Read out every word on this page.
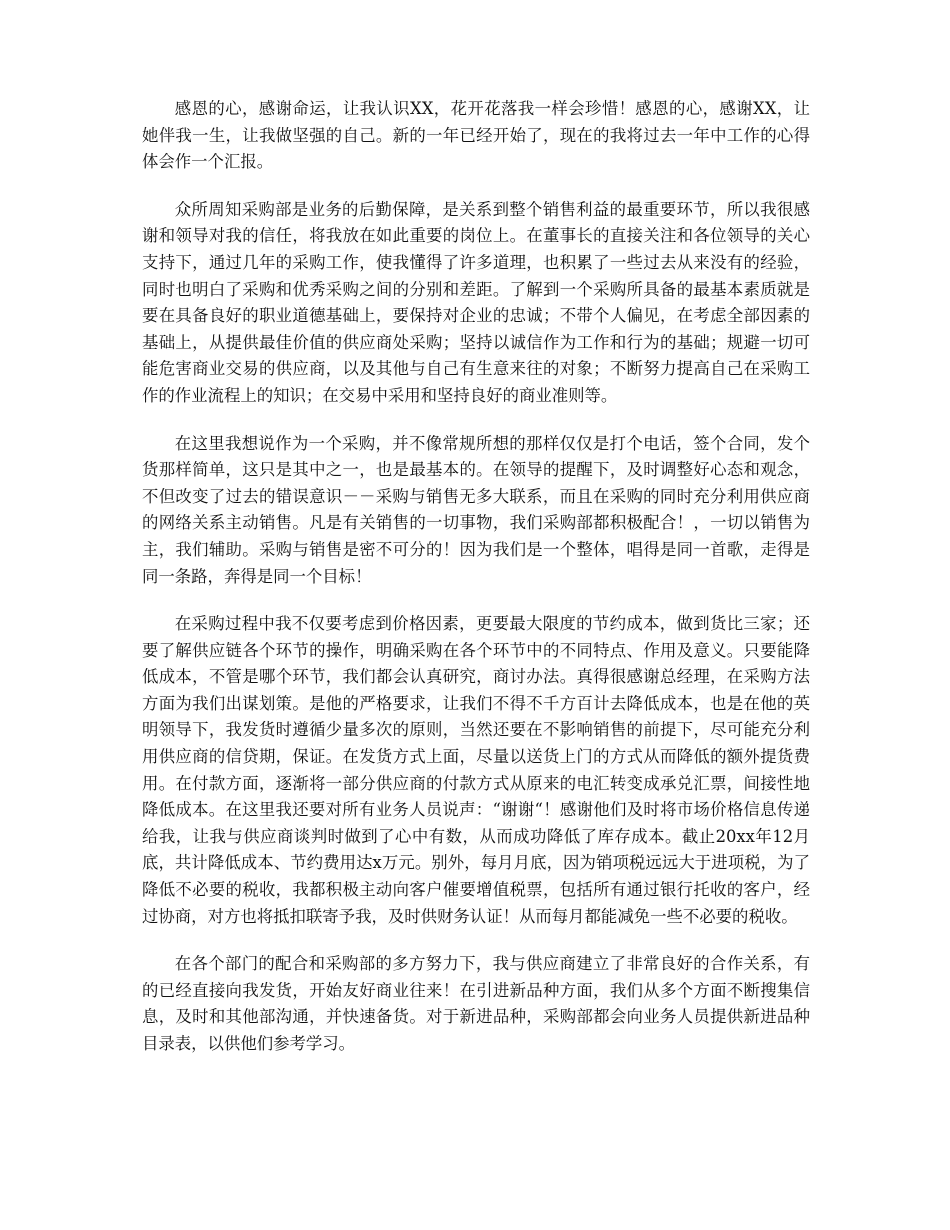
感恩的心，感谢命运，让我认识XX，花开花落我一样会珍惜！感恩的心，感谢XX，让她伴我一生，让我做坚强的自己。新的一年已经开始了，现在的我将过去一年中工作的心得体会作一个汇报。

众所周知采购部是业务的后勤保障，是关系到整个销售利益的最重要环节，所以我很感谢和领导对我的信任，将我放在如此重要的岗位上。在董事长的直接关注和各位领导的关心支持下，通过几年的采购工作，使我懂得了许多道理，也积累了一些过去从来没有的经验，同时也明白了采购和优秀采购之间的分别和差距。了解到一个采购所具备的最基本素质就是要在具备良好的职业道德基础上，要保持对企业的忠诚；不带个人偏见，在考虑全部因素的基础上，从提供最佳价值的供应商处采购；坚持以诚信作为工作和行为的基础；规避一切可能危害商业交易的供应商，以及其他与自己有生意来往的对象；不断努力提高自己在采购工作的作业流程上的知识；在交易中采用和坚持良好的商业准则等。

在这里我想说作为一个采购，并不像常规所想的那样仅仅是打个电话，签个合同，发个货那样简单，这只是其中之一，也是最基本的。在领导的提醒下，及时调整好心态和观念，不但改变了过去的错误意识－－采购与销售无多大联系，而且在采购的同时充分利用供应商的网络关系主动销售。凡是有关销售的一切事物，我们采购部都积极配合！，一切以销售为主，我们辅助。采购与销售是密不可分的！因为我们是一个整体，唱得是同一首歌，走得是同一条路，奔得是同一个目标！

在采购过程中我不仅要考虑到价格因素，更要最大限度的节约成本，做到货比三家；还要了解供应链各个环节的操作，明确采购在各个环节中的不同特点、作用及意义。只要能降低成本，不管是哪个环节，我们都会认真研究，商讨办法。真得很感谢总经理，在采购方法方面为我们出谋划策。是他的严格要求，让我们不得不千方百计去降低成本，也是在他的英明领导下，我发货时遵循少量多次的原则，当然还要在不影响销售的前提下，尽可能充分利用供应商的信贷期，保证。在发货方式上面，尽量以送货上门的方式从而降低的额外提货费用。在付款方面，逐渐将一部分供应商的付款方式从原来的电汇转变成承兑汇票，间接性地降低成本。在这里我还要对所有业务人员说声：“谢谢“！感谢他们及时将市场价格信息传递给我，让我与供应商谈判时做到了心中有数，从而成功降低了库存成本。截止20xx年12月底，共计降低成本、节约费用达x万元。别外，每月月底，因为销项税远远大于进项税，为了降低不必要的税收，我都积极主动向客户催要增值税票，包括所有通过银行托收的客户，经过协商，对方也将抵扣联寄予我，及时供财务认证！从而每月都能减免一些不必要的税收。

在各个部门的配合和采购部的多方努力下，我与供应商建立了非常良好的合作关系，有的已经直接向我发货，开始友好商业往来！在引进新品种方面，我们从多个方面不断搜集信息，及时和其他部沟通，并快速备货。对于新进品种，采购部都会向业务人员提供新进品种目录表，以供他们参考学习。
